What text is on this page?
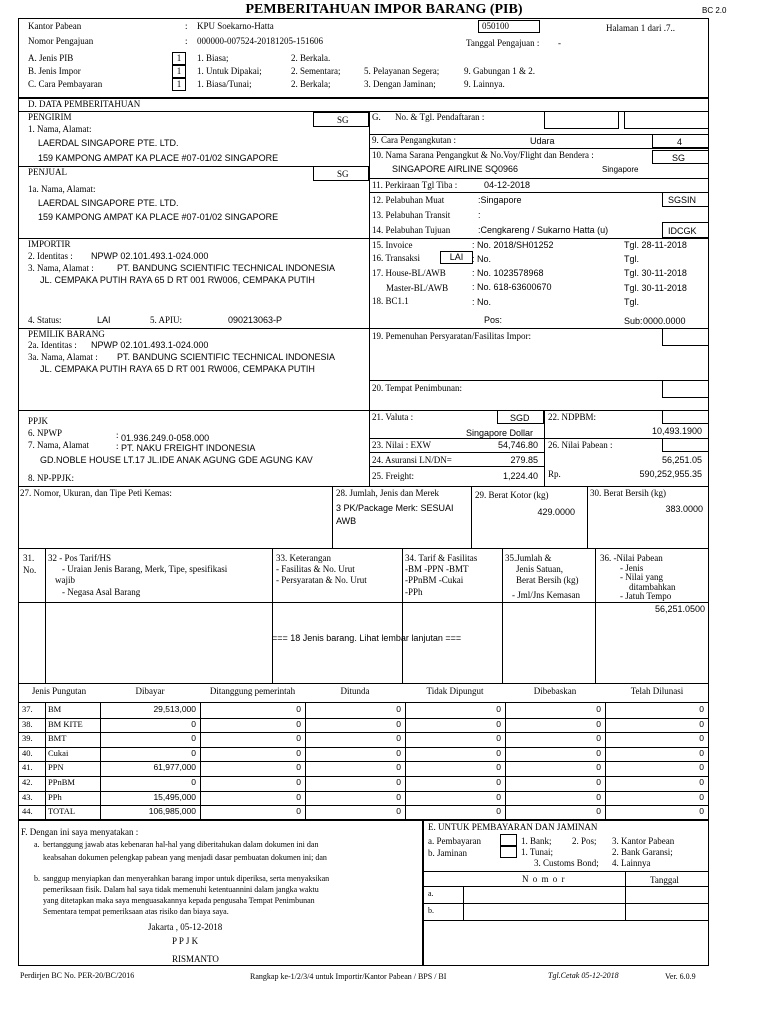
PEMBERITAHUAN IMPOR BARANG (PIB)	BC 2.0
Kantor Pabean	: KPU Soekarno-Hatta	050100	Halaman 1 dari .7..
Nomor Pengajuan	: 000000-007524-20181205-151606	Tanggal Pengajuan : -
A. Jenis PIB	1	1. Biasa;	2. Berkala.
B. Jenis Impor	1	1. Untuk Dipakai;	2. Sementara;	5. Pelayanan Segera;	9. Gabungan 1 & 2.
C. Cara Pembayaran	1	1. Biasa/Tunai;	2. Berkala;	3. Dengan Jaminan;	9. Lainnya.
D. DATA PEMBERITAHUAN
PENGIRIM	SG
1. Nama, Alamat:
LAERDAL SINGAPORE PTE. LTD.
159 KAMPONG AMPAT KA PLACE #07-01/02 SINGAPORE
PENJUAL	SG
1a. Nama, Alamat:
LAERDAL SINGAPORE PTE. LTD.
159 KAMPONG AMPAT KA PLACE #07-01/02 SINGAPORE
IMPORTIR
2. Identitas : NPWP 02.101.493.1-024.000
3. Nama, Alamat :	PT. BANDUNG SCIENTIFIC TECHNICAL INDONESIA
JL. CEMPAKA PUTIH RAYA 65 D RT 001 RW006, CEMPAKA PUTIH
4. Status:	LAI	5. APIU:	090213063-P
PEMILIK BARANG
2a. Identitas : NPWP 02.101.493.1-024.000
3a. Nama, Alamat : PT. BANDUNG SCIENTIFIC TECHNICAL INDONESIA
JL. CEMPAKA PUTIH RAYA 65 D RT 001 RW006, CEMPAKA PUTIH
PPJK
6. NPWP	: 01.936.249.0-058.000
7. Nama, Alamat	: PT. NAKU FREIGHT INDONESIA
GD.NOBLE HOUSE LT.17 JL.IDE ANAK AGUNG GDE AGUNG KAV
8. NP-PPJK:
G. No. & Tgl. Pendaftaran :
9. Cara Pengangkutan :	Udara	4
10. Nama Sarana Pengangkut & No.Voy/Flight dan Bendera :	SG
SINGAPORE AIRLINE SQ0966	Singapore
11. Perkiraan Tgl Tiba :	04-12-2018
12. Pelabuhan Muat	:Singapore	SGSIN
13. Pelabuhan Transit	:
14. Pelabuhan Tujuan	:Cengkareng / Sukarno Hatta (u)	IDCGK
15. Invoice	: No. 2018/SH01252	Tgl. 28-11-2018
16. Transaksi	LAI : No.	Tgl.
17. House-BL/AWB	: No. 1023578968	Tgl. 30-11-2018
Master-BL/AWB	: No. 618-63600670	Tgl. 30-11-2018
18. BC1.1	: No.	Tgl.
Pos:	Sub: 0000.0000
19. Pemenuhan Persyaratan/Fasilitas Impor:
20. Tempat Penimbunan:
21. Valuta :	SGD 22. NDPBM:
Singapore Dollar	10,493.1900
23. Nilai : EXW	54,746.80 26. Nilai Pabean :
24. Asuransi LN/DN=	279.85	56,251.05
25. Freight:	1,224.40 Rp.	590,252,955.35
27. Nomor, Ukuran, dan Tipe Peti Kemas:	28. Jumlah, Jenis dan Merek
3 PK/Package Merk: SESUAI
AWB
29. Berat Kotor (kg)
429.0000
30. Berat Bersih (kg)
383.0000
31.
No.
32 - Pos Tarif/HS
- Uraian Jenis Barang, Merk, Tipe, spesifikasi
wajib
- Negasa Asal Barang
33. Keterangan
- Fasilitas & No. Urut
- Persyaratan & No. Urut
34. Tarif & Fasilitas
-BM -PPN -BMT
-PPnBM -Cukai
-PPh
35.Jumlah &
Jenis Satuan,
Berat Bersih (kg)
- Jml/Jns Kemasan
36. -Nilai Pabean
- Jenis
- Nilai yang
ditambahkan
- Jatuh Tempo
56,251.0500
=== 18 Jenis barang. Lihat lembar lanjutan ===
Jenis Pungutan	Dibayar	Ditanggung pemerintah	Ditunda	Tidak Dipungut	Dibebaskan	Telah Dilunasi
37. BM	29,513,000	0	0	0	0	0
38. BM KITE	0	0	0	0	0	0
39. BMT	0	0	0	0	0	0
40. Cukai	0	0	0	0	0	0
41. PPN	61,977,000	0	0	0	0	0
42. PPnBM	0	0	0	0	0	0
43. PPh	15,495,000	0	0	0	0	0
44. TOTAL	106,985,000	0	0	0	0	0
F. Dengan ini saya menyatakan :
a. bertanggung jawab atas kebenaran hal-hal yang diberitahukan dalam dokumen ini dan
keabsahan dokumen pelengkap pabean yang menjadi dasar pembuatan dokumen ini; dan
b. sanggup menyiapkan dan menyerahkan barang impor untuk diperiksa, serta menyaksikan
pemeriksaan fisik. Dalam hal saya tidak memenuhi ketentuannini dalam jangka waktu
yang ditetapkan maka saya menguasakannya kepada pengusaha Tempat Penimbunan
Sementara tempat pemeriksaan atas risiko dan biaya saya.
Jakarta , 05-12-2018
P P J K
RISMANTO
E. UNTUK PEMBAYARAN DAN JAMINAN
a. Pembayaran
b. Jaminan
1. Bank; 2. Pos; 3. Kantor Pabean
1. Tunai;	2. Bank Garansi;
3. Customs Bond; 4. Lainnya
N o m o r	Tanggal
a.
b.
Perdirjen BC No. PER-20/BC/2016	Rangkap ke-1/2/3/4 untuk Importir/Kantor Pabean / BPS / BI	Tgl.Cetak 05-12-2018	Ver. 6.0.9
